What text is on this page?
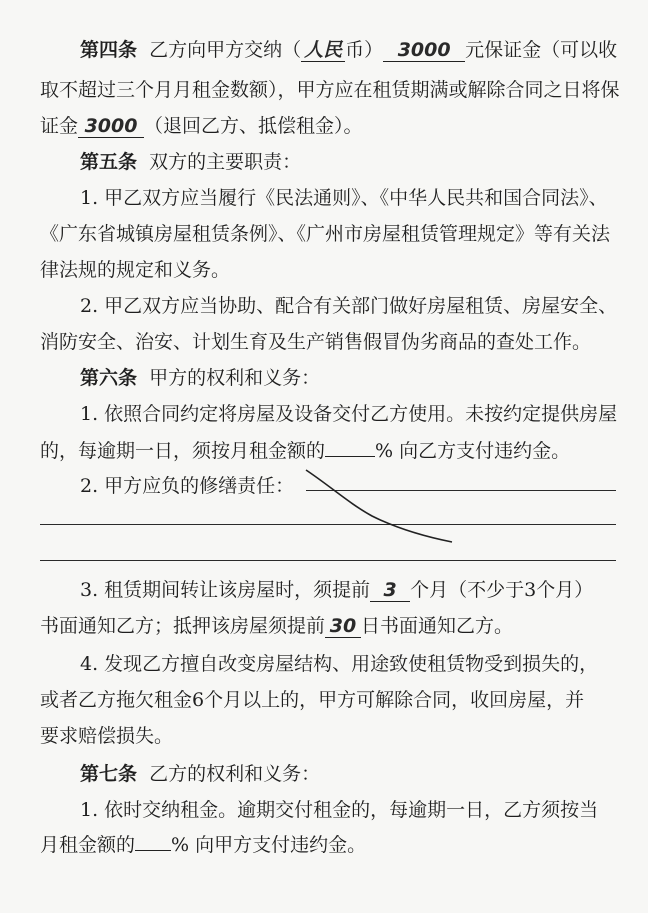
第四条 乙方向甲方交纳（ 人民 币） 3000 元保证金（可以收
取不超过三个月月租金数额），甲方应在租赁期满或解除合同之日将保
证金 3000 （退回乙方、抵偿租金）。
第五条 双方的主要职责：
1. 甲乙双方应当履行《民法通则》、《中华人民共和国合同法》、
《广东省城镇房屋租赁条例》、《广州市房屋租赁管理规定》等有关法
律法规的规定和义务。
2. 甲乙双方应当协助、配合有关部门做好房屋租赁、房屋安全、
消防安全、治安、计划生育及生产销售假冒伪劣商品的查处工作。
第六条 甲方的权利和义务：
1. 依照合同约定将房屋及设备交付乙方使用。未按约定提供房屋
的，每逾期一日，须按月租金额的	% 向乙方支付违约金。
2. 甲方应负的修缮责任：
3. 租赁期间转让该房屋时，须提前 3 个月（不少于3个月）
书面通知乙方；抵押该房屋须提前 30 日书面通知乙方。
4. 发现乙方擅自改变房屋结构、用途致使租赁物受到损失的，
或者乙方拖欠租金6个月以上的，甲方可解除合同，收回房屋，并
要求赔偿损失。
第七条 乙方的权利和义务：
1. 依时交纳租金。逾期交付租金的，每逾期一日，乙方须按当
月租金额的 % 向甲方支付违约金。
